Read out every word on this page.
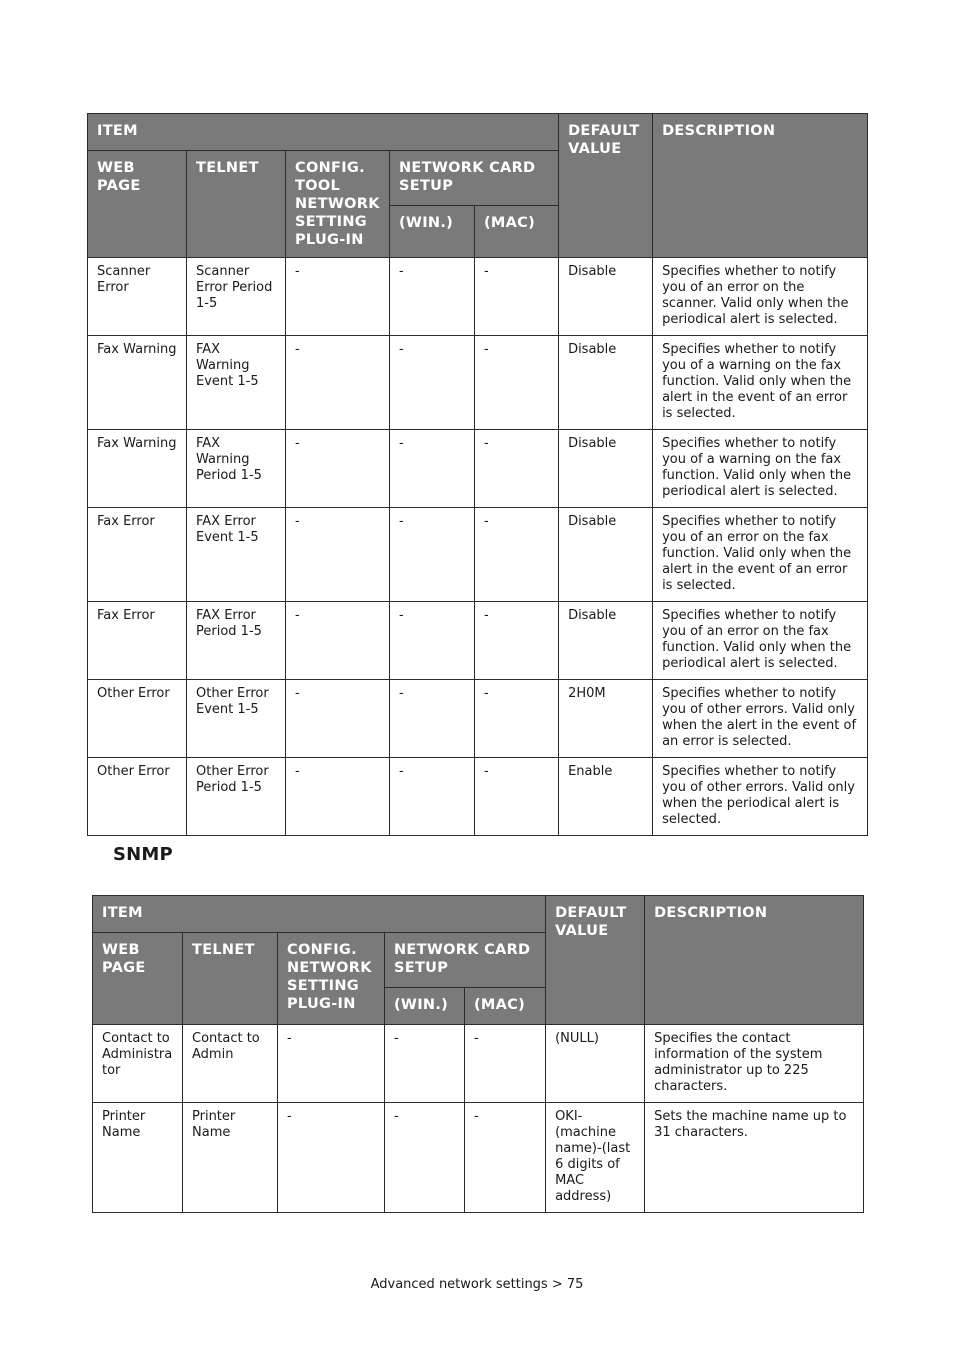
ITEM					DEFAULT VALUE	DESCRIPTION
WEB PAGE	TELNET	CONFIG. TOOL NETWORK SETTING PLUG-IN	NETWORK CARD SETUP			
			(WIN.)	(MAC)		
Scanner Error	Scanner Error Period 1-5	-	-	-	Disable	Specifies whether to notify you of an error on the scanner. Valid only when the periodical alert is selected.
Fax Warning	FAX Warning Event 1-5	-	-	-	Disable	Specifies whether to notify you of a warning on the fax function. Valid only when the alert in the event of an error is selected.
Fax Warning	FAX Warning Period 1-5	-	-	-	Disable	Specifies whether to notify you of a warning on the fax function. Valid only when the periodical alert is selected.
Fax Error	FAX Error Event 1-5	-	-	-	Disable	Specifies whether to notify you of an error on the fax function. Valid only when the alert in the event of an error is selected.
Fax Error	FAX Error Period 1-5	-	-	-	Disable	Specifies whether to notify you of an error on the fax function. Valid only when the periodical alert is selected.
Other Error	Other Error Event 1-5	-	-	-	2H0M	Specifies whether to notify you of other errors. Valid only when the alert in the event of an error is selected.
Other Error	Other Error Period 1-5	-	-	-	Enable	Specifies whether to notify you of other errors. Valid only when the periodical alert is selected.
SNMP
ITEM					DEFAULT VALUE	DESCRIPTION
WEB PAGE	TELNET	CONFIG. NETWORK SETTING PLUG-IN	NETWORK CARD SETUP			
			(WIN.)	(MAC)		
Contact to Administra tor	Contact to Admin	-	-	-	(NULL)	Specifies the contact information of the system administrator up to 225 characters.
Printer Name	Printer Name	-	-	-	OKI-(machine name)-(last 6 digits of MAC address)	Sets the machine name up to 31 characters.
Advanced network settings > 75
